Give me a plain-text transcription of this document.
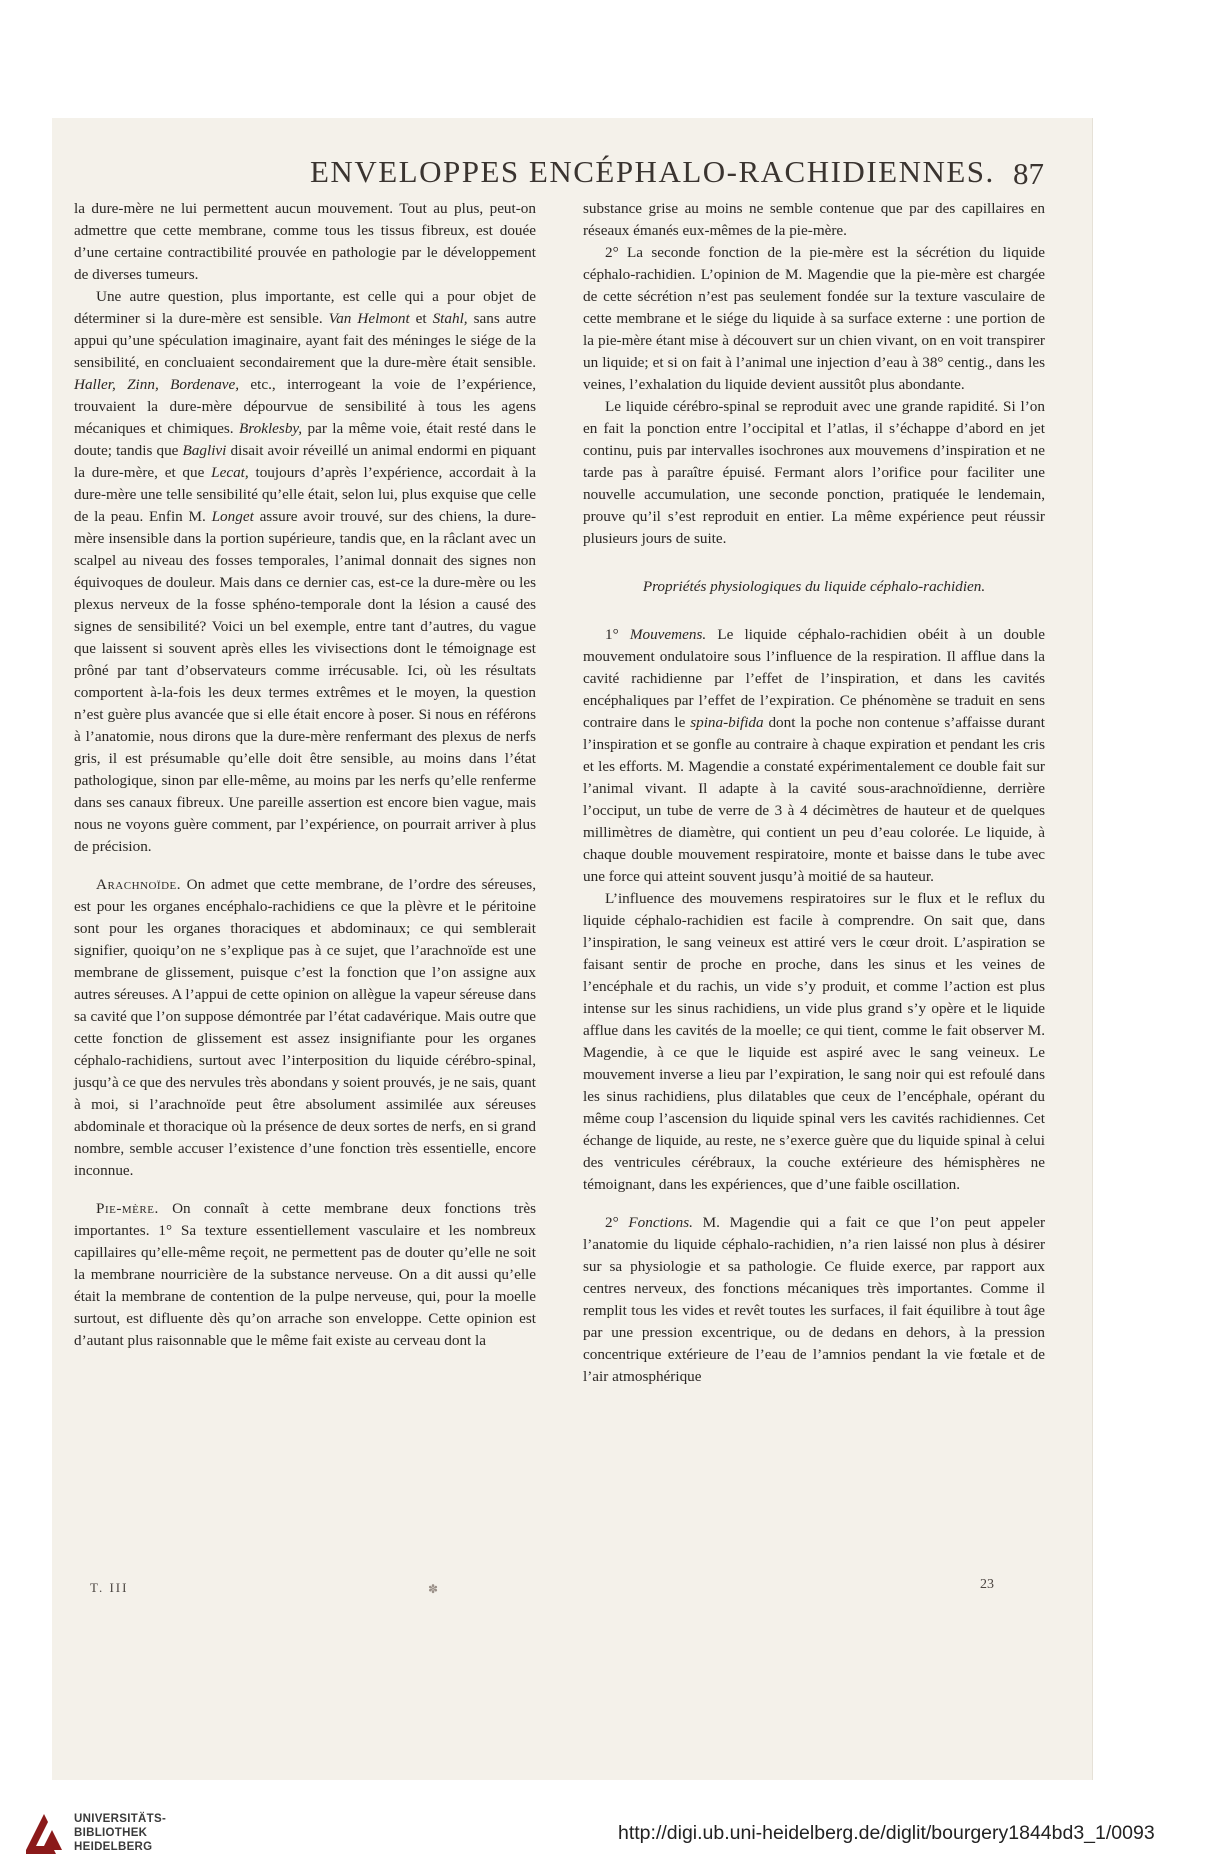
ENVELOPPES ENCÉPHALO-RACHIDIENNES. 87

la dure-mère ne lui permettent aucun mouvement. Tout au plus, peut-on admettre que cette membrane, comme tous les tissus fibreux, est douée d’une certaine contractibilité prouvée en pathologie par le développement de diverses tumeurs.

Une autre question, plus importante, est celle qui a pour objet de déterminer si la dure-mère est sensible. Van Helmont et Stahl, sans autre appui qu’une spéculation imaginaire, ayant fait des méninges le siége de la sensibilité, en concluaient secondairement que la dure-mère était sensible. Haller, Zinn, Bordenave, etc., interrogeant la voie de l’expérience, trouvaient la dure-mère dépourvue de sensibilité à tous les agens mécaniques et chimiques. Broklesby, par la même voie, était resté dans le doute; tandis que Baglivi disait avoir réveillé un animal endormi en piquant la dure-mère, et que Lecat, toujours d’après l’expérience, accordait à la dure-mère une telle sensibilité qu’elle était, selon lui, plus exquise que celle de la peau. Enfin M. Longet assure avoir trouvé, sur des chiens, la dure-mère insensible dans la portion supérieure, tandis que, en la râclant avec un scalpel au niveau des fosses temporales, l’animal donnait des signes non équivoques de douleur. Mais dans ce dernier cas, est-ce la dure-mère ou les plexus nerveux de la fosse sphéno-temporale dont la lésion a causé des signes de sensibilité? Voici un bel exemple, entre tant d’autres, du vague que laissent si souvent après elles les vivisections dont le témoignage est prôné par tant d’observateurs comme irrécusable. Ici, où les résultats comportent à-la-fois les deux termes extrêmes et le moyen, la question n’est guère plus avancée que si elle était encore à poser. Si nous en référons à l’anatomie, nous dirons que la dure-mère renfermant des plexus de nerfs gris, il est présumable qu’elle doit être sensible, au moins dans l’état pathologique, sinon par elle-même, au moins par les nerfs qu’elle renferme dans ses canaux fibreux. Une pareille assertion est encore bien vague, mais nous ne voyons guère comment, par l’expérience, on pourrait arriver à plus de précision.

Arachnoïde. On admet que cette membrane, de l’ordre des séreuses, est pour les organes encéphalo-rachidiens ce que la plèvre et le péritoine sont pour les organes thoraciques et abdominaux; ce qui semblerait signifier, quoiqu’on ne s’explique pas à ce sujet, que l’arachnoïde est une membrane de glissement, puisque c’est la fonction que l’on assigne aux autres séreuses. A l’appui de cette opinion on allègue la vapeur séreuse dans sa cavité que l’on suppose démontrée par l’état cadavérique. Mais outre que cette fonction de glissement est assez insignifiante pour les organes céphalo-rachidiens, surtout avec l’interposition du liquide cérébro-spinal, jusqu’à ce que des nervules très abondans y soient prouvés, je ne sais, quant à moi, si l’arachnoïde peut être absolument assimilée aux séreuses abdominale et thoracique où la présence de deux sortes de nerfs, en si grand nombre, semble accuser l’existence d’une fonction très essentielle, encore inconnue.

Pie-mère. On connaît à cette membrane deux fonctions très importantes. 1° Sa texture essentiellement vasculaire et les nombreux capillaires qu’elle-même reçoit, ne permettent pas de douter qu’elle ne soit la membrane nourricière de la substance nerveuse. On a dit aussi qu’elle était la membrane de contention de la pulpe nerveuse, qui, pour la moelle surtout, est difluente dès qu’on arrache son enveloppe. Cette opinion est d’autant plus raisonnable que le même fait existe au cerveau dont la

substance grise au moins ne semble contenue que par des capillaires en réseaux émanés eux-mêmes de la pie-mère.

2° La seconde fonction de la pie-mère est la sécrétion du liquide céphalo-rachidien. L’opinion de M. Magendie que la pie-mère est chargée de cette sécrétion n’est pas seulement fondée sur la texture vasculaire de cette membrane et le siége du liquide à sa surface externe : une portion de la pie-mère étant mise à découvert sur un chien vivant, on en voit transpirer un liquide; et si on fait à l’animal une injection d’eau à 38° centig., dans les veines, l’exhalation du liquide devient aussitôt plus abondante.

Le liquide cérébro-spinal se reproduit avec une grande rapidité. Si l’on en fait la ponction entre l’occipital et l’atlas, il s’échappe d’abord en jet continu, puis par intervalles isochrones aux mouvemens d’inspiration et ne tarde pas à paraître épuisé. Fermant alors l’orifice pour faciliter une nouvelle accumulation, une seconde ponction, pratiquée le lendemain, prouve qu’il s’est reproduit en entier. La même expérience peut réussir plusieurs jours de suite.

Propriétés physiologiques du liquide céphalo-rachidien.

1° Mouvemens. Le liquide céphalo-rachidien obéit à un double mouvement ondulatoire sous l’influence de la respiration. Il afflue dans la cavité rachidienne par l’effet de l’inspiration, et dans les cavités encéphaliques par l’effet de l’expiration. Ce phénomène se traduit en sens contraire dans le spina-bifida dont la poche non contenue s’affaisse durant l’inspiration et se gonfle au contraire à chaque expiration et pendant les cris et les efforts. M. Magendie a constaté expérimentalement ce double fait sur l’animal vivant. Il adapte à la cavité sous-arachnoïdienne, derrière l’occiput, un tube de verre de 3 à 4 décimètres de hauteur et de quelques millimètres de diamètre, qui contient un peu d’eau colorée. Le liquide, à chaque double mouvement respiratoire, monte et baisse dans le tube avec une force qui atteint souvent jusqu’à moitié de sa hauteur.

L’influence des mouvemens respiratoires sur le flux et le reflux du liquide céphalo-rachidien est facile à comprendre. On sait que, dans l’inspiration, le sang veineux est attiré vers le cœur droit. L’aspiration se faisant sentir de proche en proche, dans les sinus et les veines de l’encéphale et du rachis, un vide s’y produit, et comme l’action est plus intense sur les sinus rachidiens, un vide plus grand s’y opère et le liquide afflue dans les cavités de la moelle; ce qui tient, comme le fait observer M. Magendie, à ce que le liquide est aspiré avec le sang veineux. Le mouvement inverse a lieu par l’expiration, le sang noir qui est refoulé dans les sinus rachidiens, plus dilatables que ceux de l’encéphale, opérant du même coup l’ascension du liquide spinal vers les cavités rachidiennes. Cet échange de liquide, au reste, ne s’exerce guère que du liquide spinal à celui des ventricules cérébraux, la couche extérieure des hémisphères ne témoignant, dans les expériences, que d’une faible oscillation.

2° Fonctions. M. Magendie qui a fait ce que l’on peut appeler l’anatomie du liquide céphalo-rachidien, n’a rien laissé non plus à désirer sur sa physiologie et sa pathologie. Ce fluide exerce, par rapport aux centres nerveux, des fonctions mécaniques très importantes. Comme il remplit tous les vides et revêt toutes les surfaces, il fait équilibre à tout âge par une pression excentrique, ou de dedans en dehors, à la pression concentrique extérieure de l’eau de l’amnios pendant la vie fœtale et de l’air atmosphérique

T. III	✽	23
UNIVERSITÄTS-
BIBLIOTHEK
HEIDELBERG
http://digi.ub.uni-heidelberg.de/diglit/bourgery1844bd3_1/0093
